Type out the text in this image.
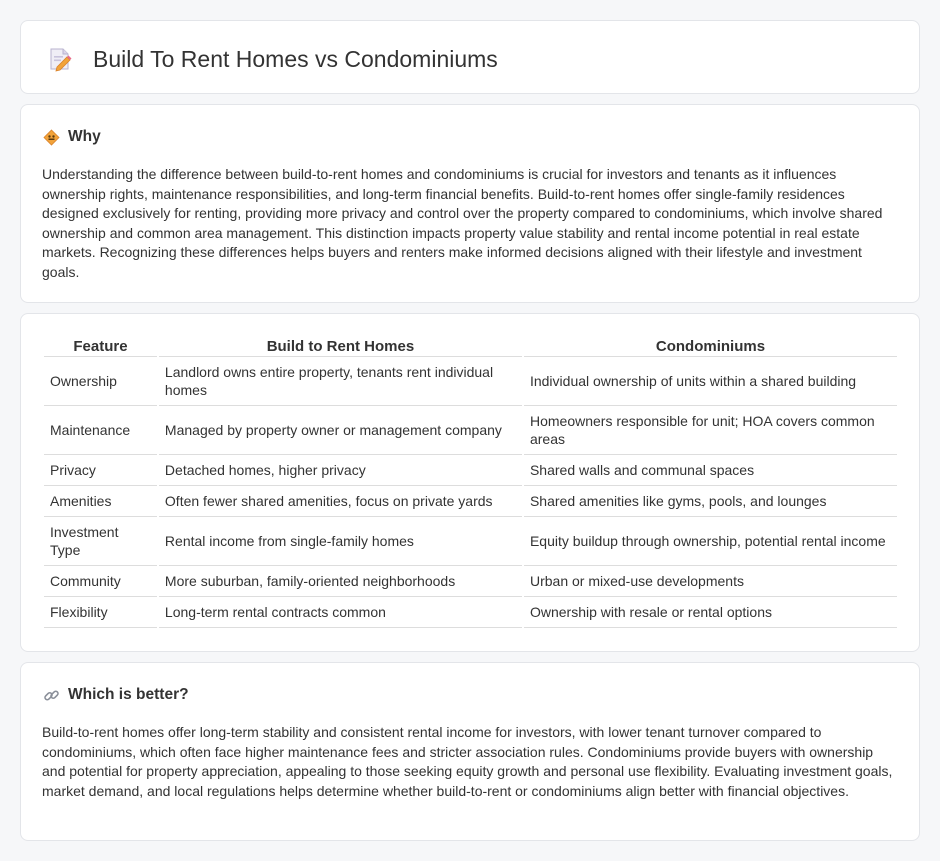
Build To Rent Homes vs Condominiums
Why

Understanding the difference between build-to-rent homes and condominiums is crucial for investors and tenants as it influences ownership rights, maintenance responsibilities, and long-term financial benefits. Build-to-rent homes offer single-family residences designed exclusively for renting, providing more privacy and control over the property compared to condominiums, which involve shared ownership and common area management. This distinction impacts property value stability and rental income potential in real estate markets. Recognizing these differences helps buyers and renters make informed decisions aligned with their lifestyle and investment goals.

Feature	Build to Rent Homes	Condominiums
Ownership	Landlord owns entire property, tenants rent individual homes	Individual ownership of units within a shared building
Maintenance	Managed by property owner or management company	Homeowners responsible for unit; HOA covers common areas
Privacy	Detached homes, higher privacy	Shared walls and communal spaces
Amenities	Often fewer shared amenities, focus on private yards	Shared amenities like gyms, pools, and lounges
Investment Type	Rental income from single-family homes	Equity buildup through ownership, potential rental income
Community	More suburban, family-oriented neighborhoods	Urban or mixed-use developments
Flexibility	Long-term rental contracts common	Ownership with resale or rental options
Which is better?

Build-to-rent homes offer long-term stability and consistent rental income for investors, with lower tenant turnover compared to condominiums, which often face higher maintenance fees and stricter association rules. Condominiums provide buyers with ownership and potential for property appreciation, appealing to those seeking equity growth and personal use flexibility. Evaluating investment goals, market demand, and local regulations helps determine whether build-to-rent or condominiums align better with financial objectives.
